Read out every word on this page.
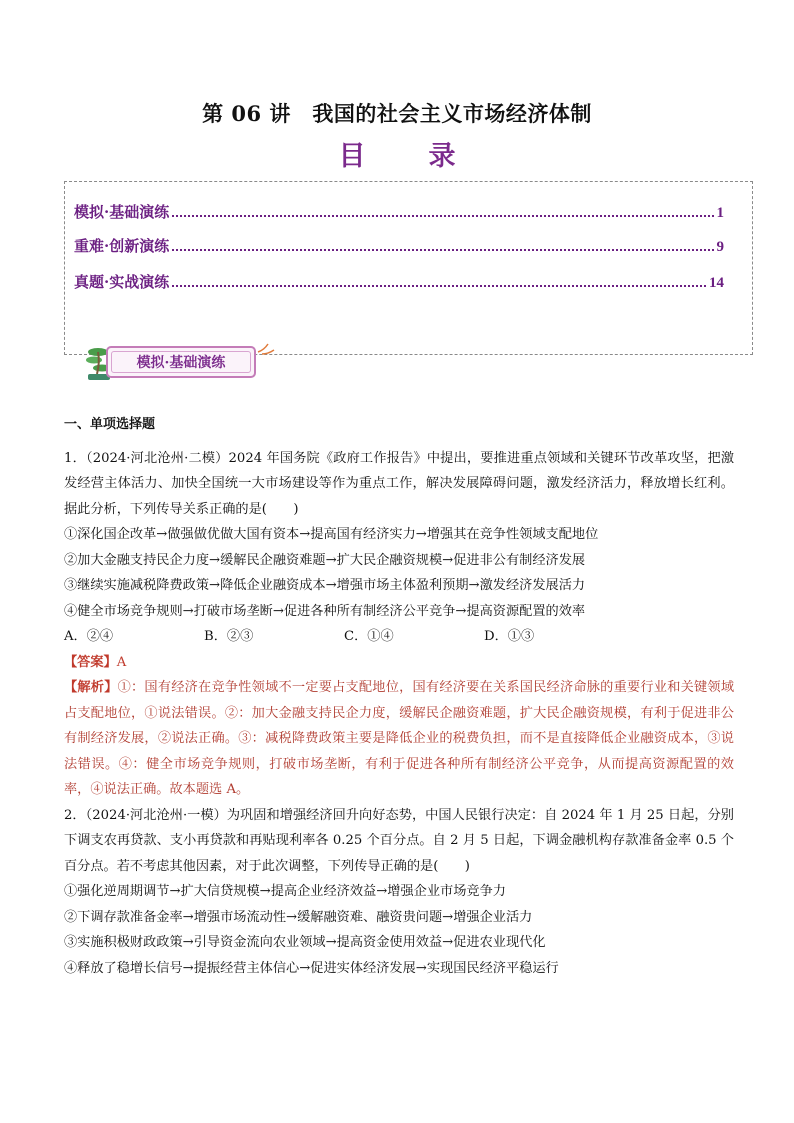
第 06 讲　我国的社会主义市场经济体制
目　录
模拟·基础演练	1
重难·创新演练	9
真题·实战演练	14
模拟·基础演练

一、单项选择题

1．（2024·河北沧州·二模）2024 年国务院《政府工作报告》中提出，要推进重点领域和关键环节改革攻坚，把激发经营主体活力、加快全国统一大市场建设等作为重点工作，解决发展障碍问题，激发经济活力，释放增长红利。据此分析，下列传导关系正确的是(　　)

①深化国企改革→做强做优做大国有资本→提高国有经济实力→增强其在竞争性领域支配地位

②加大金融支持民企力度→缓解民企融资难题→扩大民企融资规模→促进非公有制经济发展

③继续实施减税降费政策→降低企业融资成本→增强市场主体盈利预期→激发经济发展活力

④健全市场竞争规则→打破市场垄断→促进各种所有制经济公平竞争→提高资源配置的效率

A．②④	B．②③	C．①④	D．①③

【答案】A

【解析】①：国有经济在竞争性领域不一定要占支配地位，国有经济要在关系国民经济命脉的重要行业和关键领域占支配地位，①说法错误。②：加大金融支持民企力度，缓解民企融资难题，扩大民企融资规模，有利于促进非公有制经济发展，②说法正确。③：减税降费政策主要是降低企业的税费负担，而不是直接降低企业融资成本，③说法错误。④：健全市场竞争规则，打破市场垄断，有利于促进各种所有制经济公平竞争，从而提高资源配置的效率，④说法正确。故本题选 A。

2．（2024·河北沧州·一模）为巩固和增强经济回升向好态势，中国人民银行决定：自 2024 年 1 月 25 日起，分别下调支农再贷款、支小再贷款和再贴现利率各 0.25 个百分点。自 2 月 5 日起，下调金融机构存款准备金率 0.5 个百分点。若不考虑其他因素，对于此次调整，下列传导正确的是(　　)

①强化逆周期调节→扩大信贷规模→提高企业经济效益→增强企业市场竞争力

②下调存款准备金率→增强市场流动性→缓解融资难、融资贵问题→增强企业活力

③实施积极财政政策→引导资金流向农业领域→提高资金使用效益→促进农业现代化

④释放了稳增长信号→提振经营主体信心→促进实体经济发展→实现国民经济平稳运行
